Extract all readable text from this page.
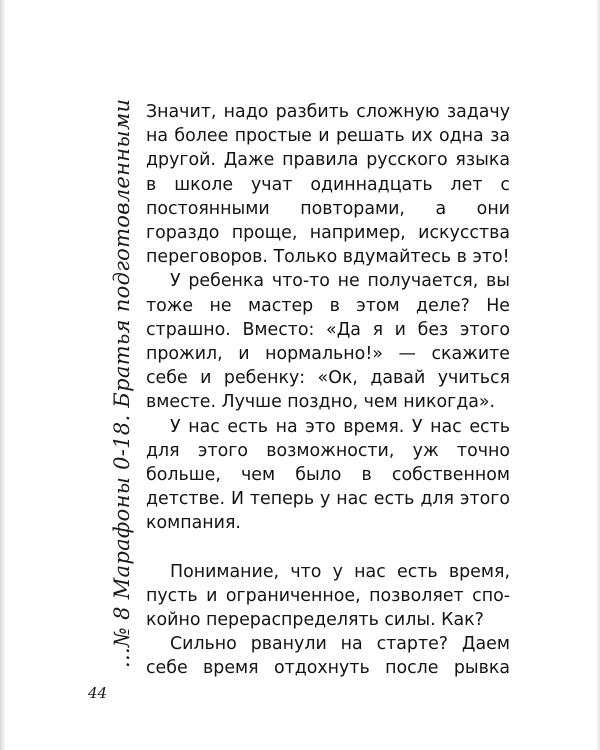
...№ 8 Марафоны 0-18. Братья подготовленными
44

Значит, надо разбить сложную задачу на более простые и решать их одна за другой. Даже правила русского языка в школе учат одиннадцать лет с постоянными повторами, а они гораздо проще, например, искусства переговоров. Только вдумайтесь в это!

У ребенка что-то не получается, вы тоже не мастер в этом деле? Не страшно. Вместо: «Да я и без этого прожил, и нормально!» — скажите себе и ребенку: «Ок, давай учиться вместе. Лучше поздно, чем никогда».

У нас есть на это время. У нас есть для этого возможности, уж точно больше, чем было в собственном детстве. И теперь у нас есть для этого компания.

Понимание, что у нас есть время, пусть и ограниченное, позволяет спокойно перераспределять силы. Как?

Сильно рванули на старте? Даем себе время отдохнуть после рывка
